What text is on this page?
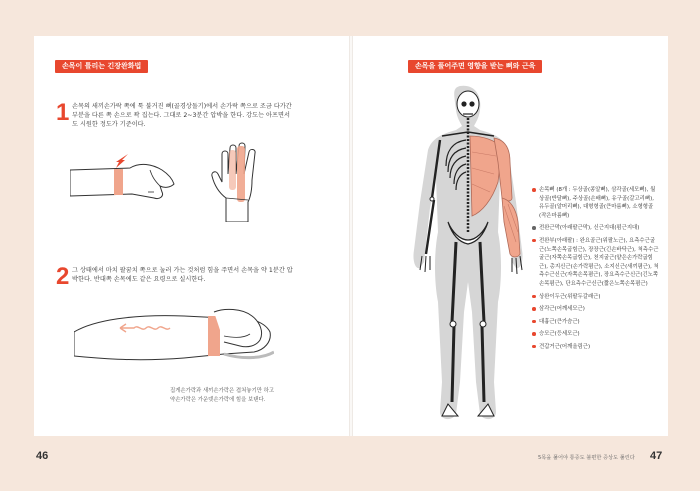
손목이 틀리는 긴장완화법
1 손목의 새끼손가락 쪽에 툭 불거진 뼈(골경상돌기)에서 손가락 쪽으로 조금 다가간 부분을 다른 쪽 손으로 꽉 집는다. 그대로 2~3분간 압박을 한다. 강도는 아프면서도 시원한 정도가 기준이다.
2 그 상태에서 마치 팔꿈치 쪽으로 눌러 가는 것처럼 힘을 주면서 손목을 약 1분간 압박한다. 반대쪽 손목에도 같은 요령으로 실시한다.
집게손가락과 새끼손가락은 겹쳐놓기만 하고
약손가락은 가운뎃손가락에 힘을 보탠다.
46
손목을 풀어주면 영향을 받는 뼈와 근육
손목뼈 (8개 : 두상골(콩알뼈), 삼각골(세모뼈), 월상골(반달뼈), 주상골(손배뼈), 유구골(갈고리뼈), 유두골(알머리뼈), 대형형골(큰마름뼈), 소형형골(작은마름뼈)
전완근막(아래팔근막), 신근지대(펌근지대)
전완부(아래팔) : 완요골근(위팔노근), 요측수근굴근(노쪽손목굽힘근), 장장근(긴손바닥근), 척측수근굴근(자쪽손목굽힘근), 천지굴근(얕은손가락굽힘근), 총지신근(손가락폄근), 소지신근(새끼폄근), 척측수근신근(자쪽손목폄근), 장요측수근신근(긴노쪽손목폄근), 단요측수근신근(짧은노쪽손목폄근)
상완이두근(위팔두갈래근)
삼각근(어깨세모근)
대흉근(큰가슴근)
승모근(등세모근)
견갑거근(어깨올림근)
5목을 풀어야 통증도 불편한 증상도 풀린다 47
